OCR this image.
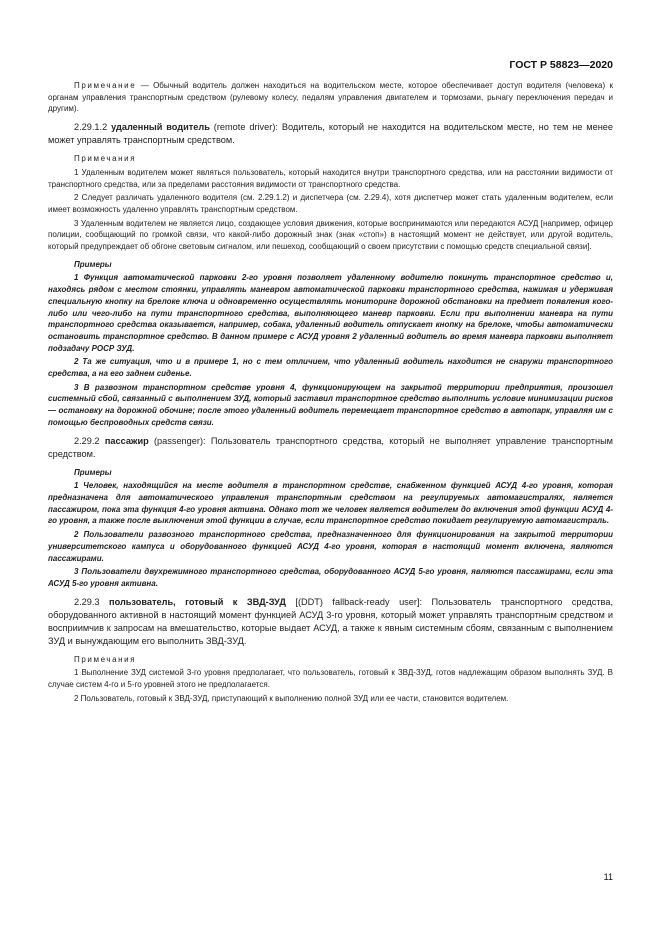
ГОСТ Р 58823—2020

Примечание — Обычный водитель должен находиться на водительском месте, которое обеспечивает доступ водителя (человека) к органам управления транспортным средством (рулевому колесу, педалям управления двигателем и тормозами, рычагу переключения передач и другим).

2.29.1.2 удаленный водитель (remote driver): Водитель, который не находится на водительском месте, но тем не менее может управлять транспортным средством.

Примечания

1 Удаленным водителем может являться пользователь, который находится внутри транспортного средства, или на расстоянии видимости от транспортного средства, или за пределами расстояния видимости от транспортного средства.

2 Следует различать удаленного водителя (см. 2.29.1.2) и диспетчера (см. 2.29.4), хотя диспетчер может стать удаленным водителем, если имеет возможность удаленно управлять транспортным средством.

3 Удаленным водителем не является лицо, создающее условия движения, которые воспринимаются или передаются АСУД [например, офицер полиции, сообщающий по громкой связи, что какой-либо дорожный знак (знак «стоп») в настоящий момент не действует, или другой водитель, который предупреждает об обгоне световым сигналом, или пешеход, сообщающий о своем присутствии с помощью средств специальной связи].

Примеры

1 Функция автоматической парковки 2-го уровня позволяет удаленному водителю покинуть транспортное средство и, находясь рядом с местом стоянки, управлять маневром автоматической парковки транспортного средства, нажимая и удерживая специальную кнопку на брелоке ключа и одновременно осуществлять мониторинг дорожной обстановки на предмет появления кого-либо или чего-либо на пути транспортного средства, выполняющего маневр парковки. Если при выполнении маневра на пути транспортного средства оказывается, например, собака, удаленный водитель отпускает кнопку на брелоке, чтобы автоматически остановить транспортное средство. В данном примере с АСУД уровня 2 удаленный водитель во время маневра парковки выполняет подзадачу РОСР ЗУД.

2 Та же ситуация, что и в примере 1, но с тем отличием, что удаленный водитель находится не снаружи транспортного средства, а на его заднем сиденье.

3 В развозном транспортном средстве уровня 4, функционирующем на закрытой территории предприятия, произошел системный сбой, связанный с выполнением ЗУД, который заставил транспортное средство выполнить условие минимизации рисков — остановку на дорожной обочине; после этого удаленный водитель перемещает транспортное средство в автопарк, управляя им с помощью беспроводных средств связи.

2.29.2 пассажир (passenger): Пользователь транспортного средства, который не выполняет управление транспортным средством.

Примеры

1 Человек, находящийся на месте водителя в транспортном средстве, снабженном функцией АСУД 4-го уровня, которая предназначена для автоматического управления транспортным средством на регулируемых автомагистралях, является пассажиром, пока эта функция 4-го уровня активна. Однако тот же человек является водителем до включения этой функции АСУД 4-го уровня, а также после выключения этой функции в случае, если транспортное средство покидает регулируемую автомагистраль.

2 Пользователи развозного транспортного средства, предназначенного для функционирования на закрытой территории университетского кампуса и оборудованного функцией АСУД 4-го уровня, которая в настоящий момент включена, являются пассажирами.

3 Пользователи двухрежимного транспортного средства, оборудованного АСУД 5-го уровня, являются пассажирами, если эта АСУД 5-го уровня активна.

2.29.3 пользователь, готовый к ЗВД-ЗУД [(DDT) fallback-ready user]: Пользователь транспортного средства, оборудованного активной в настоящий момент функцией АСУД 3-го уровня, который может управлять транспортным средством и восприимчив к запросам на вмешательство, которые выдает АСУД, а также к явным системным сбоям, связанным с выполнением ЗУД и вынуждающим его выполнить ЗВД-ЗУД.

Примечания

1 Выполнение ЗУД системой 3-го уровня предполагает, что пользователь, готовый к ЗВД-ЗУД, готов надлежащим образом выполнять ЗУД. В случае систем 4-го и 5-го уровней этого не предполагается.

2 Пользователь, готовый к ЗВД-ЗУД, приступающий к выполнению полной ЗУД или ее части, становится водителем.

11
